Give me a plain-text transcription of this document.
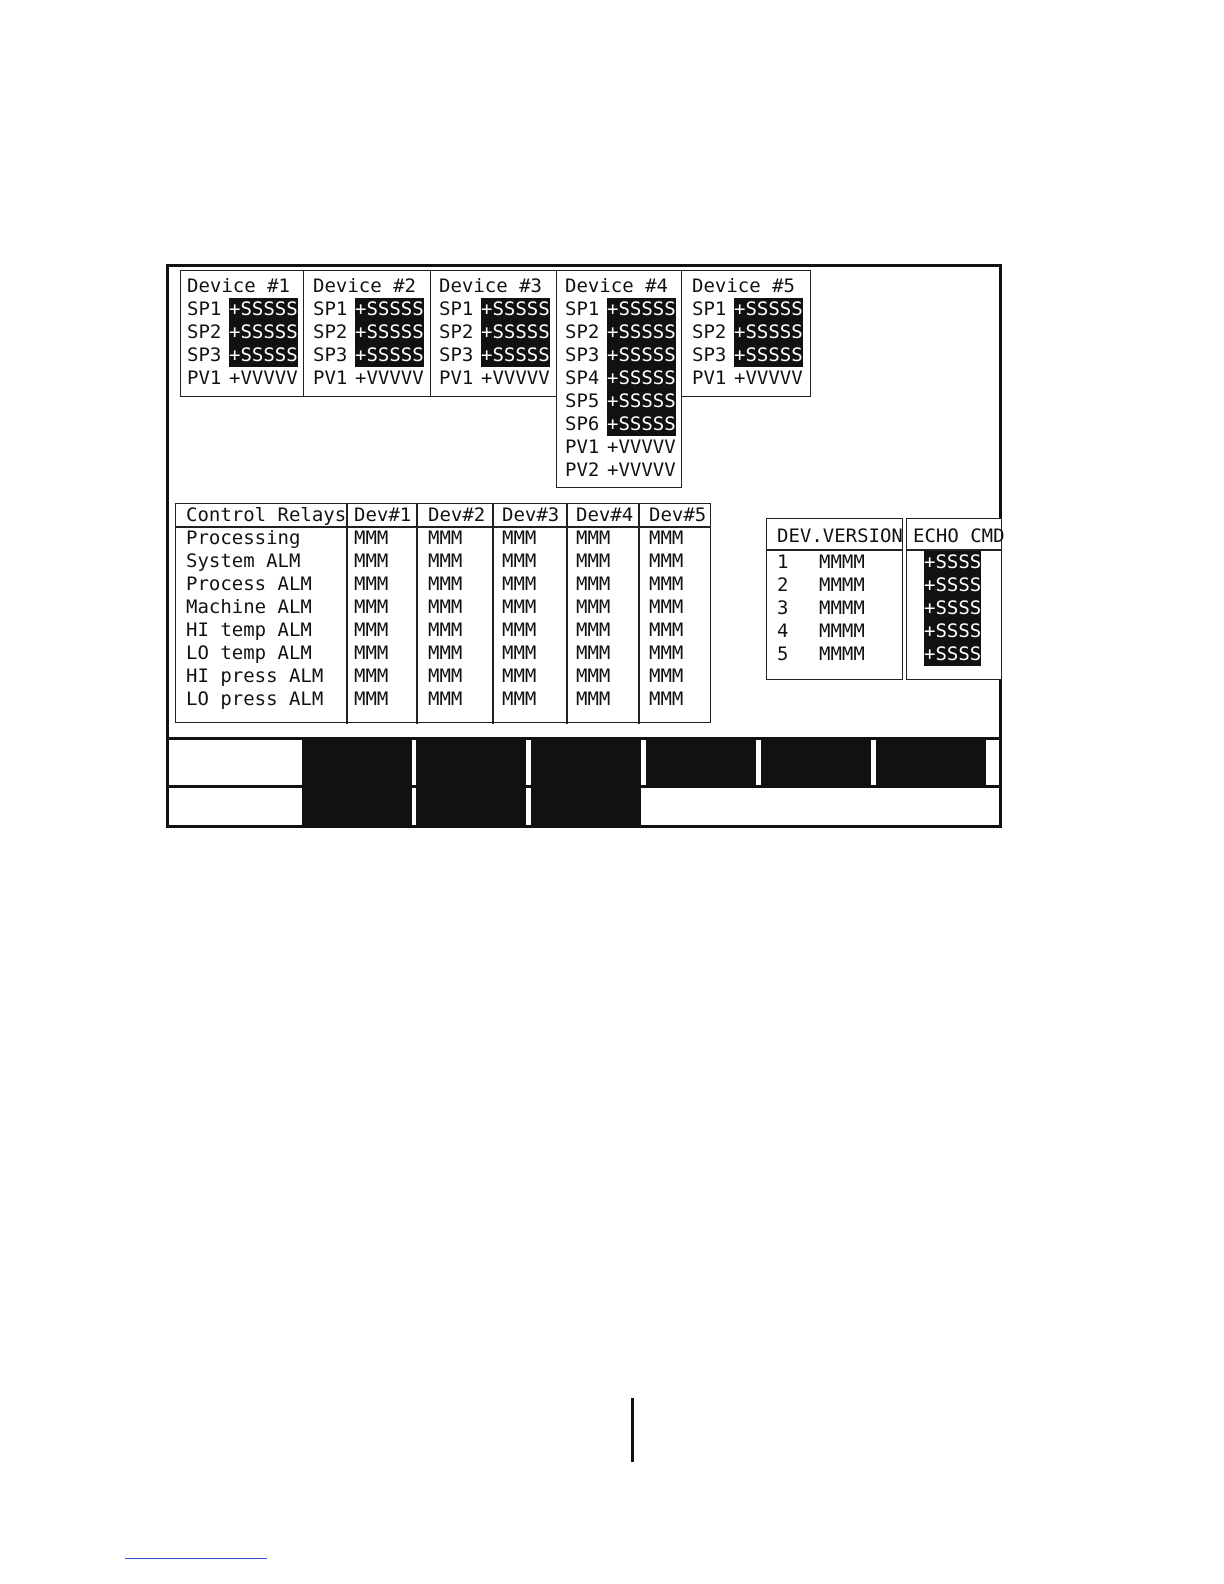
Device #1
SP1 +SSSSS
SP2 +SSSSS
SP3 +SSSSS
PV1 +VVVVV
Device #2
SP1 +SSSSS
SP2 +SSSSS
SP3 +SSSSS
PV1 +VVVVV
Device #3
SP1 +SSSSS
SP2 +SSSSS
SP3 +SSSSS
PV1 +VVVVV
Device #4
SP1 +SSSSS
SP2 +SSSSS
SP3 +SSSSS
SP4 +SSSSS
SP5 +SSSSS
SP6 +SSSSS
PV1 +VVVVV
PV2 +VVVVV
Device #5
SP1 +SSSSS
SP2 +SSSSS
SP3 +SSSSS
PV1 +VVVVV
Control Relays Dev#1 Dev#2 Dev#3 Dev#4 Dev#5
Processing	MMM MMM MMM MMM MMM
System ALM	MMM MMM MMM MMM MMM
Process ALM MMM MMM MMM MMM MMM
Machine ALM MMM MMM MMM MMM MMM
HI temp ALM MMM MMM MMM MMM MMM
LO temp ALM MMM MMM MMM MMM MMM
HI press ALM MMM MMM MMM MMM MMM
LO press ALM MMM MMM MMM MMM MMM
DEV.VERSION
1 MMMM
2 MMMM
3 MMMM
4 MMMM
5 MMMM
ECHO CMD
+SSSS
+SSSS
+SSSS
+SSSS
+SSSS

DEV. 6-10

DEV. 11-15

DEV. 16-20

SPI

DEV. 21-25

SPI

DEV. 26-30

SPI

DEV. 31-32

SPI

ERR CODES

SPI

SETUP

SPI

STM/MTS S"
